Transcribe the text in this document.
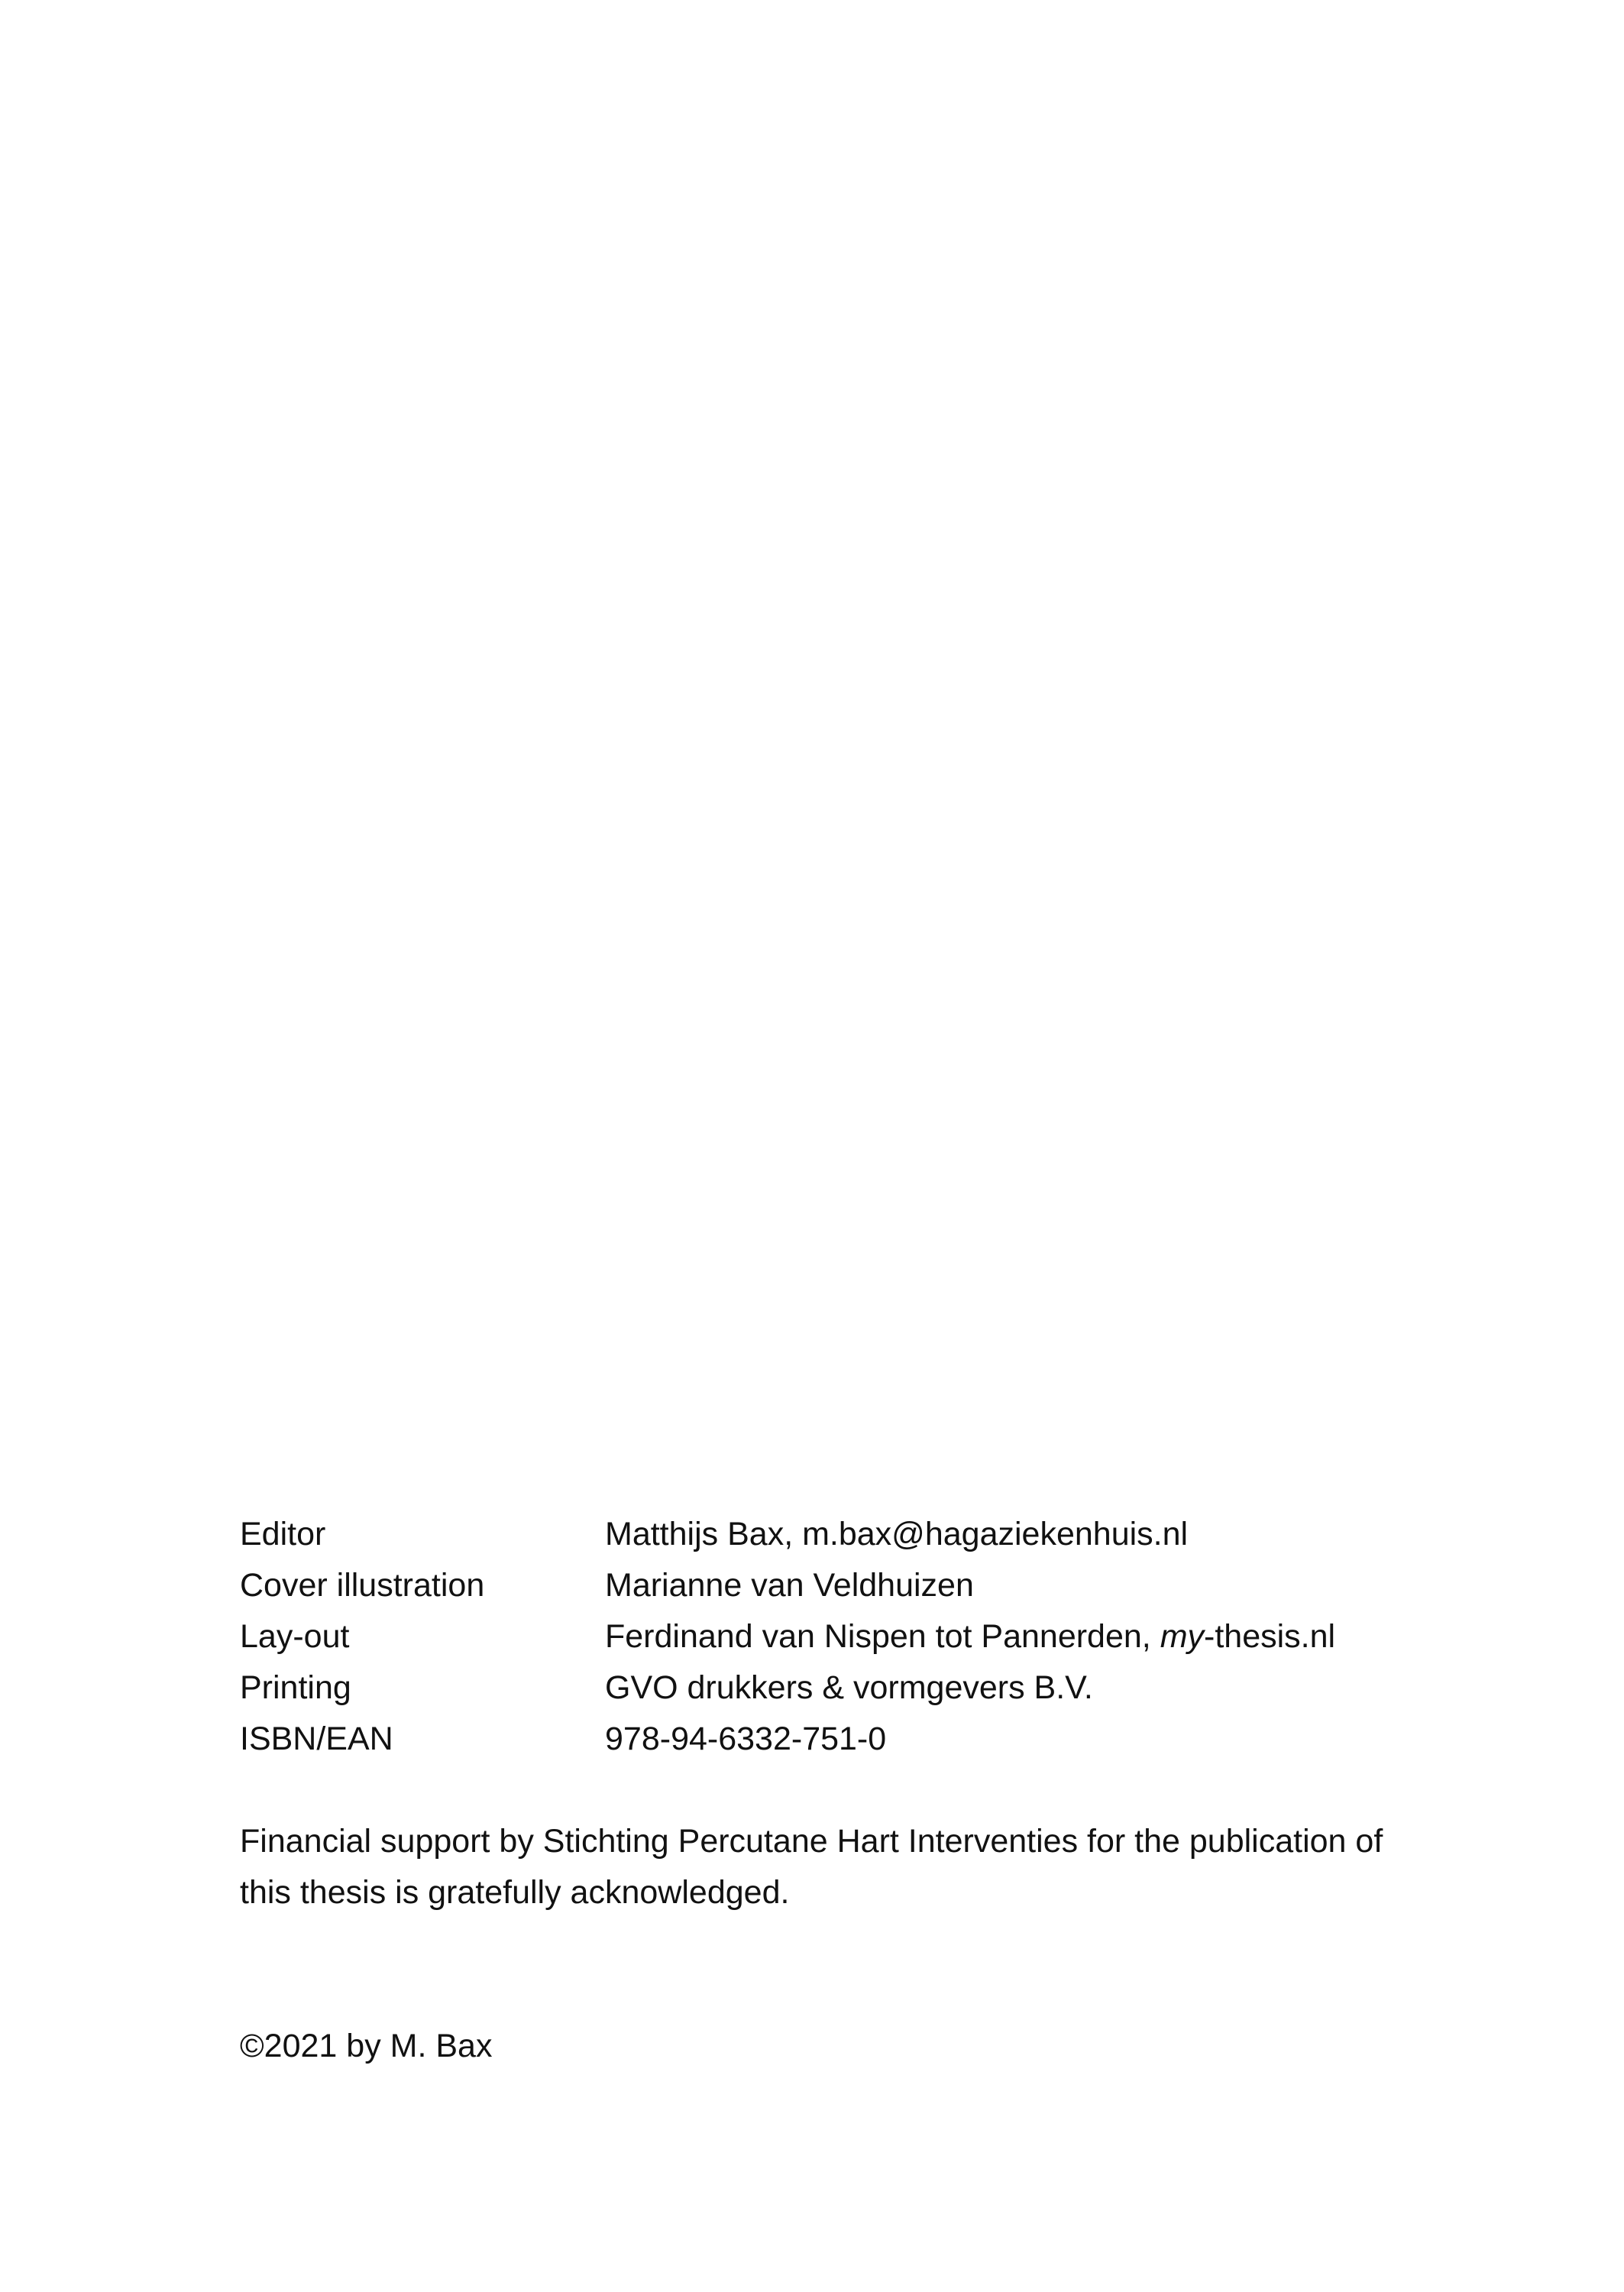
Editor	Matthijs Bax, m.bax@hagaziekenhuis.nl
Cover illustration	Marianne van Veldhuizen
Lay-out	Ferdinand van Nispen tot Pannerden, my-thesis.nl
Printing	GVO drukkers & vormgevers B.V.
ISBN/EAN	978-94-6332-751-0
Financial support by Stichting Percutane Hart Interventies for the publication of this thesis is gratefully acknowledged.
©2021 by M. Bax
